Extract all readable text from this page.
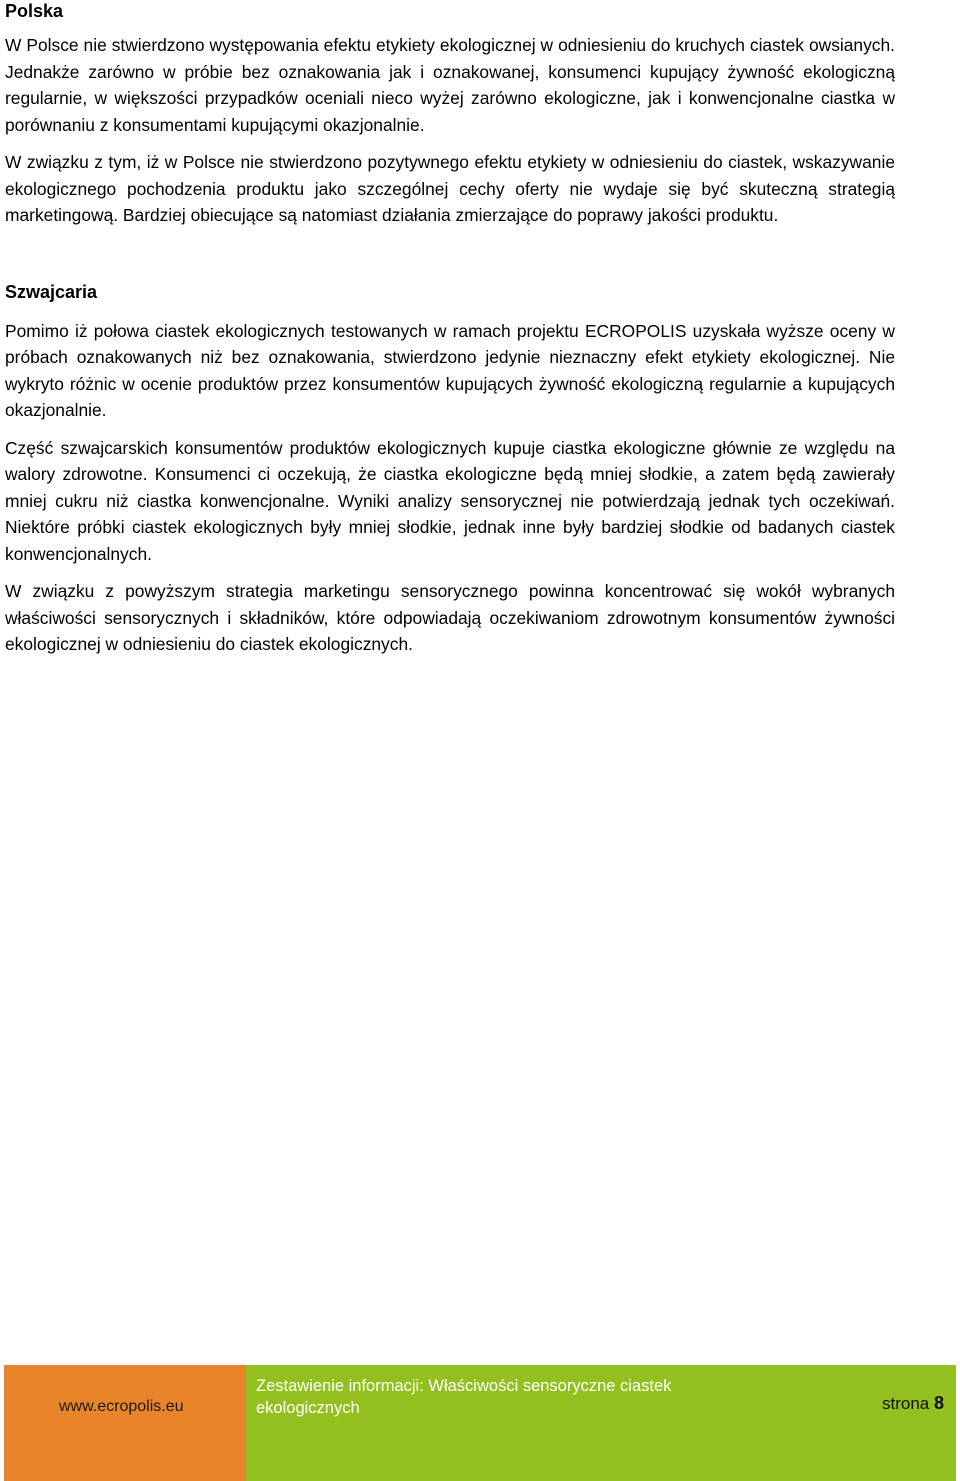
Polska

W Polsce nie stwierdzono występowania efektu etykiety ekologicznej w odniesieniu do kruchych ciastek owsianych. Jednakże zarówno w próbie bez oznakowania jak i oznakowanej, konsumenci kupujący żywność ekologiczną regularnie, w większości przypadków oceniali nieco wyżej zarówno ekologiczne, jak i konwencjonalne ciastka w porównaniu z konsumentami kupującymi okazjonalnie.

W związku z tym, iż w Polsce nie stwierdzono pozytywnego efektu etykiety w odniesieniu do ciastek, wskazywanie ekologicznego pochodzenia produktu jako szczególnej cechy oferty nie wydaje się być skuteczną strategią marketingową. Bardziej obiecujące są natomiast działania zmierzające do poprawy jakości produktu.

Szwajcaria

Pomimo iż połowa ciastek ekologicznych testowanych w ramach projektu ECROPOLIS uzyskała wyższe oceny w próbach oznakowanych niż bez oznakowania, stwierdzono jedynie nieznaczny efekt etykiety ekologicznej. Nie wykryto różnic w ocenie produktów przez konsumentów kupujących żywność ekologiczną regularnie a kupujących okazjonalnie.

Część szwajcarskich konsumentów produktów ekologicznych kupuje ciastka ekologiczne głównie ze względu na walory zdrowotne. Konsumenci ci oczekują, że ciastka ekologiczne będą mniej słodkie, a zatem będą zawierały mniej cukru niż ciastka konwencjonalne. Wyniki analizy sensorycznej nie potwierdzają jednak tych oczekiwań. Niektóre próbki ciastek ekologicznych były mniej słodkie, jednak inne były bardziej słodkie od badanych ciastek konwencjonalnych.

W związku z powyższym strategia marketingu sensorycznego powinna koncentrować się wokół wybranych właściwości sensorycznych i składników, które odpowiadają oczekiwaniom zdrowotnym konsumentów żywności ekologicznej w odniesieniu do ciastek ekologicznych.

www.ecropolis.eu
Zestawienie informacji: Właściwości sensoryczne ciastek ekologicznych	strona 8
